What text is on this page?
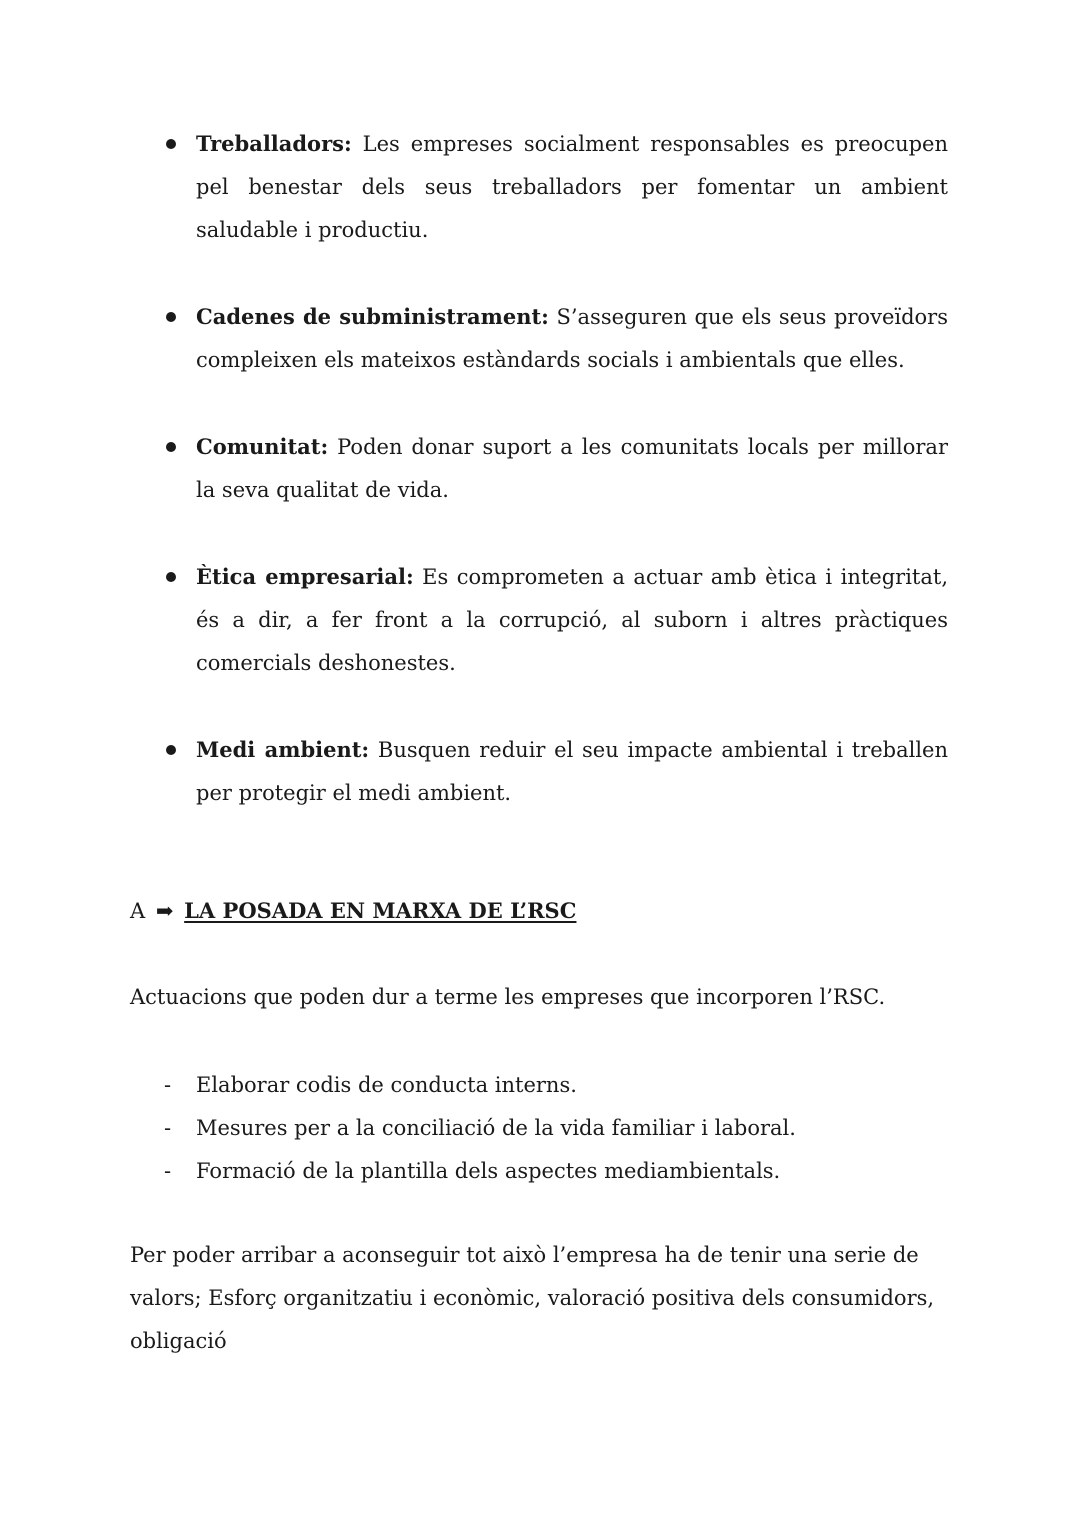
Treballadors: Les empreses socialment responsables es preocupen pel benestar dels seus treballadors per fomentar un ambient saludable i productiu.
Cadenes de subministrament: S’asseguren que els seus proveïdors compleixen els mateixos estàndards socials i ambientals que elles.
Comunitat: Poden donar suport a les comunitats locals per millorar la seva qualitat de vida.
Ètica empresarial: Es comprometen a actuar amb ètica i integritat, és a dir, a fer front a la corrupció, al suborn i altres pràctiques comercials deshonestes.
Medi ambient: Busquen reduir el seu impacte ambiental i treballen per protegir el medi ambient.
A ➡ LA POSADA EN MARXA DE L’RSC
Actuacions que poden dur a terme les empreses que incorporen l’RSC.
- Elaborar codis de conducta interns.
- Mesures per a la conciliació de la vida familiar i laboral.
- Formació de la plantilla dels aspectes mediambientals.
Per poder arribar a aconseguir tot això l’empresa ha de tenir una serie de valors; Esforç organitzatiu i econòmic, valoració positiva dels consumidors, obligació
